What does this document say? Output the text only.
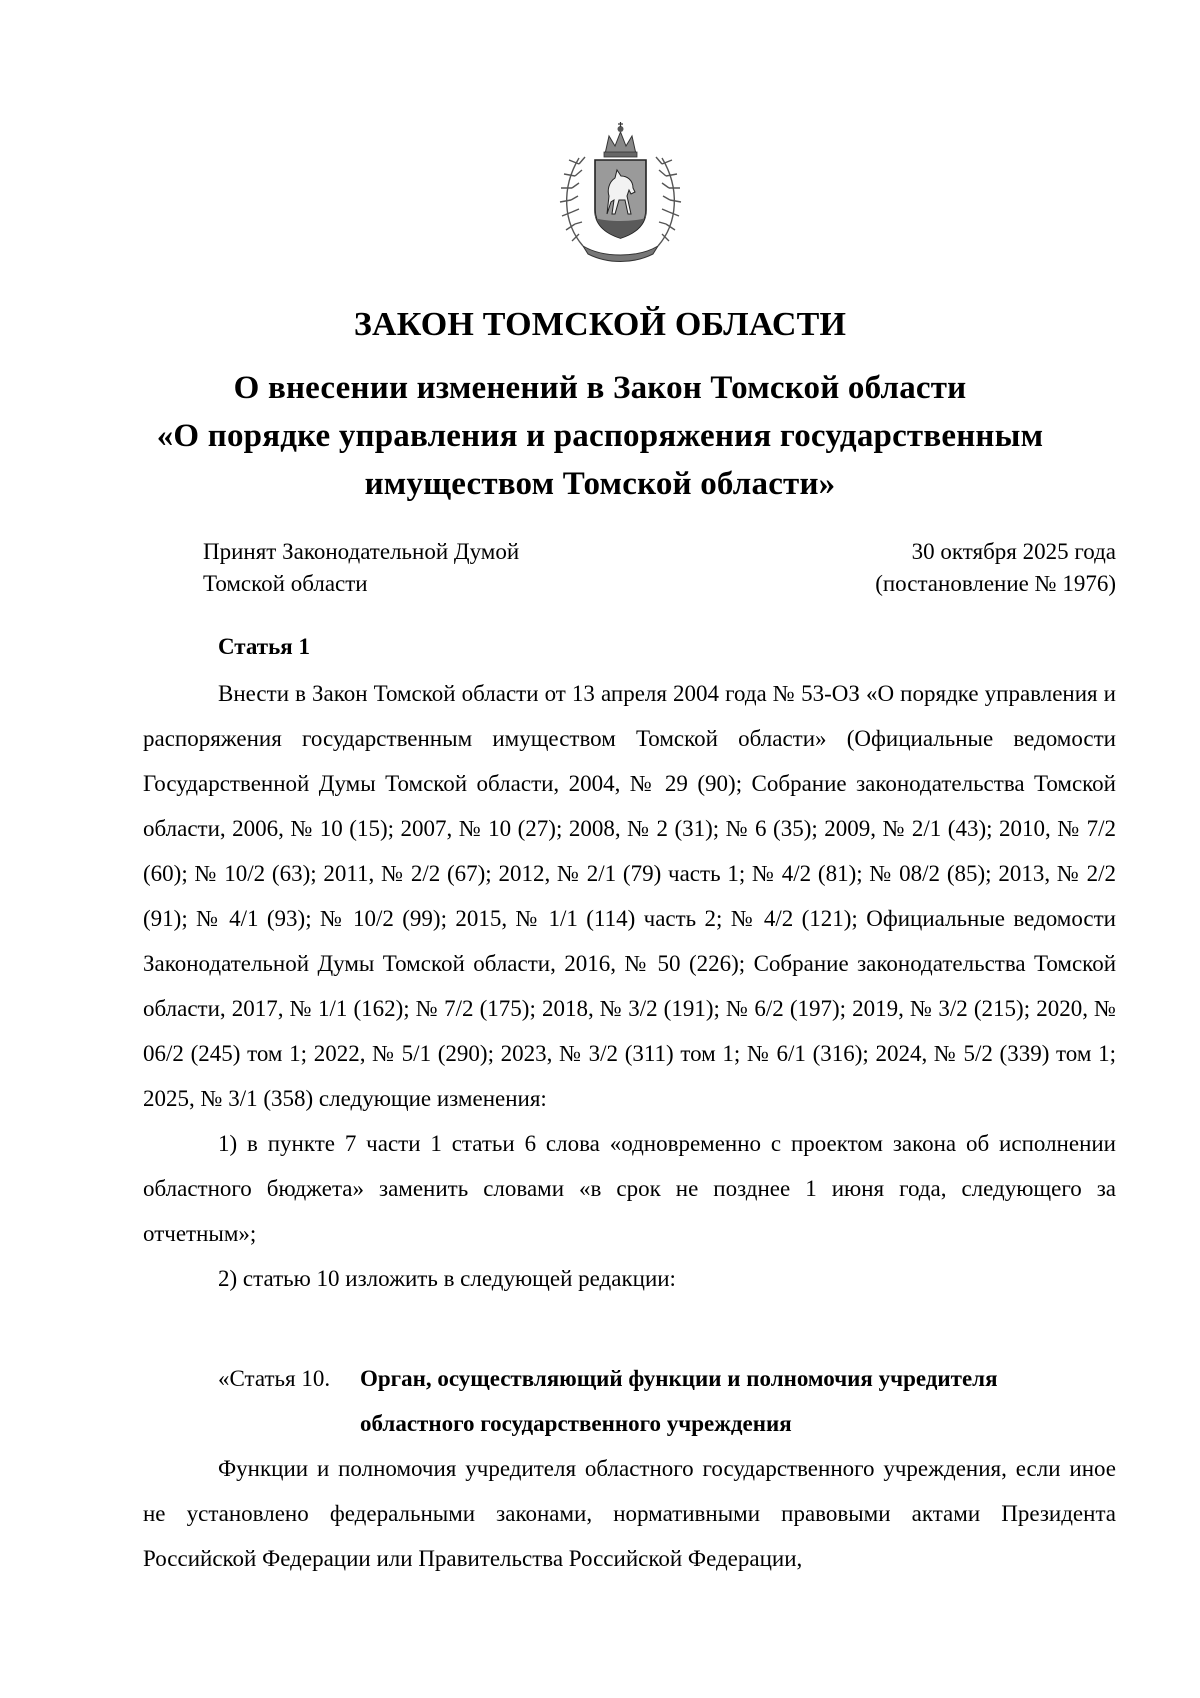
ЗАКОН ТОМСКОЙ ОБЛАСТИ
О внесении изменений в Закон Томской области
«О порядке управления и распоряжения государственным
имуществом Томской области»
Принят Законодательной Думой
Томской области
30 октября 2025 года
(постановление № 1976)
Статья 1

Внести в Закон Томской области от 13 апреля 2004 года № 53-ОЗ «О порядке управления и распоряжения государственным имуществом Томской области» (Официальные ведомости Государственной Думы Томской области, 2004, № 29 (90); Собрание законодательства Томской области, 2006, № 10 (15); 2007, № 10 (27); 2008, № 2 (31); № 6 (35); 2009, № 2/1 (43); 2010, № 7/2 (60); № 10/2 (63); 2011, № 2/2 (67); 2012, № 2/1 (79) часть 1; № 4/2 (81); № 08/2 (85); 2013, № 2/2 (91); № 4/1 (93); № 10/2 (99); 2015, № 1/1 (114) часть 2; № 4/2 (121); Официальные ведомости Законодательной Думы Томской области, 2016, № 50 (226); Собрание законодательства Томской области, 2017, № 1/1 (162); № 7/2 (175); 2018, № 3/2 (191); № 6/2 (197); 2019, № 3/2 (215); 2020, № 06/2 (245) том 1; 2022, № 5/1 (290); 2023, № 3/2 (311) том 1; № 6/1 (316); 2024, № 5/2 (339) том 1; 2025, № 3/1 (358) следующие изменения:

1) в пункте 7 части 1 статьи 6 слова «одновременно с проектом закона об исполнении областного бюджета» заменить словами «в срок не позднее 1 июня года, следующего за отчетным»;

2) статью 10 изложить в следующей редакции:

«Статья 10. Орган, осуществляющий функции и полномочия учредителя
областного государственного учреждения

Функции и полномочия учредителя областного государственного учреждения, если иное не установлено федеральными законами, нормативными правовыми актами Президента Российской Федерации или Правительства Российской Федерации,
